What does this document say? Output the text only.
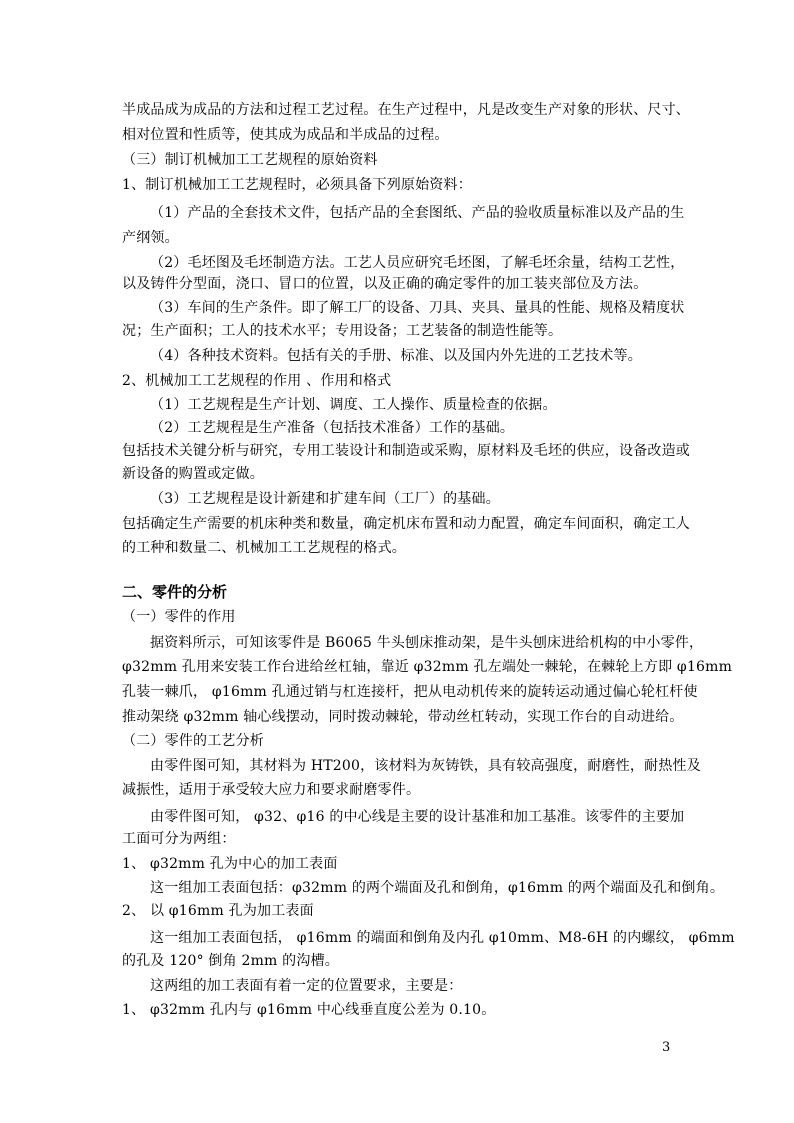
半成品成为成品的方法和过程工艺过程。在生产过程中，凡是改变生产对象的形状、尺寸、
相对位置和性质等，使其成为成品和半成品的过程。
（三）制订机械加工工艺规程的原始资料
1、制订机械加工工艺规程时，必须具备下列原始资料：
（1）产品的全套技术文件，包括产品的全套图纸、产品的验收质量标准以及产品的生
产纲领。
（2）毛坯图及毛坯制造方法。工艺人员应研究毛坯图，了解毛坯余量，结构工艺性，
以及铸件分型面，浇口、冒口的位置，以及正确的确定零件的加工装夹部位及方法。
（3）车间的生产条件。即了解工厂的设备、刀具、夹具、量具的性能、规格及精度状
况；生产面积；工人的技术水平；专用设备；工艺装备的制造性能等。
（4）各种技术资料。包括有关的手册、标准、以及国内外先进的工艺技术等。
2、机械加工工艺规程的作用 、作用和格式
（1）工艺规程是生产计划、调度、工人操作、质量检查的依据。
（2）工艺规程是生产准备（包括技术准备）工作的基础。
包括技术关键分析与研究，专用工装设计和制造或采购，原材料及毛坯的供应，设备改造或
新设备的购置或定做。
（3）工艺规程是设计新建和扩建车间（工厂）的基础。
包括确定生产需要的机床种类和数量，确定机床布置和动力配置，确定车间面积，确定工人
的工种和数量二、机械加工工艺规程的格式。
二、零件的分析
（一）零件的作用
据资料所示，可知该零件是 B6065 牛头刨床推动架，是牛头刨床进给机构的中小零件，
φ32mm 孔用来安装工作台进给丝杠轴，靠近 φ32mm 孔左端处一棘轮，在棘轮上方即 φ16mm
孔装一棘爪， φ16mm 孔通过销与杠连接杆，把从电动机传来的旋转运动通过偏心轮杠杆使
推动架绕 φ32mm 轴心线摆动，同时拨动棘轮，带动丝杠转动，实现工作台的自动进给。
（二）零件的工艺分析
由零件图可知，其材料为 HT200，该材料为灰铸铁，具有较高强度，耐磨性，耐热性及
减振性，适用于承受较大应力和要求耐磨零件。
由零件图可知， φ32、φ16 的中心线是主要的设计基准和加工基准。该零件的主要加
工面可分为两组：
1、 φ32mm 孔为中心的加工表面
这一组加工表面包括：φ32mm 的两个端面及孔和倒角，φ16mm 的两个端面及孔和倒角。
2、 以 φ16mm 孔为加工表面
这一组加工表面包括， φ16mm 的端面和倒角及内孔 φ10mm、M8-6H 的内螺纹， φ6mm
的孔及 120° 倒角 2mm 的沟槽。
这两组的加工表面有着一定的位置要求，主要是：
1、 φ32mm 孔内与 φ16mm 中心线垂直度公差为 0.10。
3
